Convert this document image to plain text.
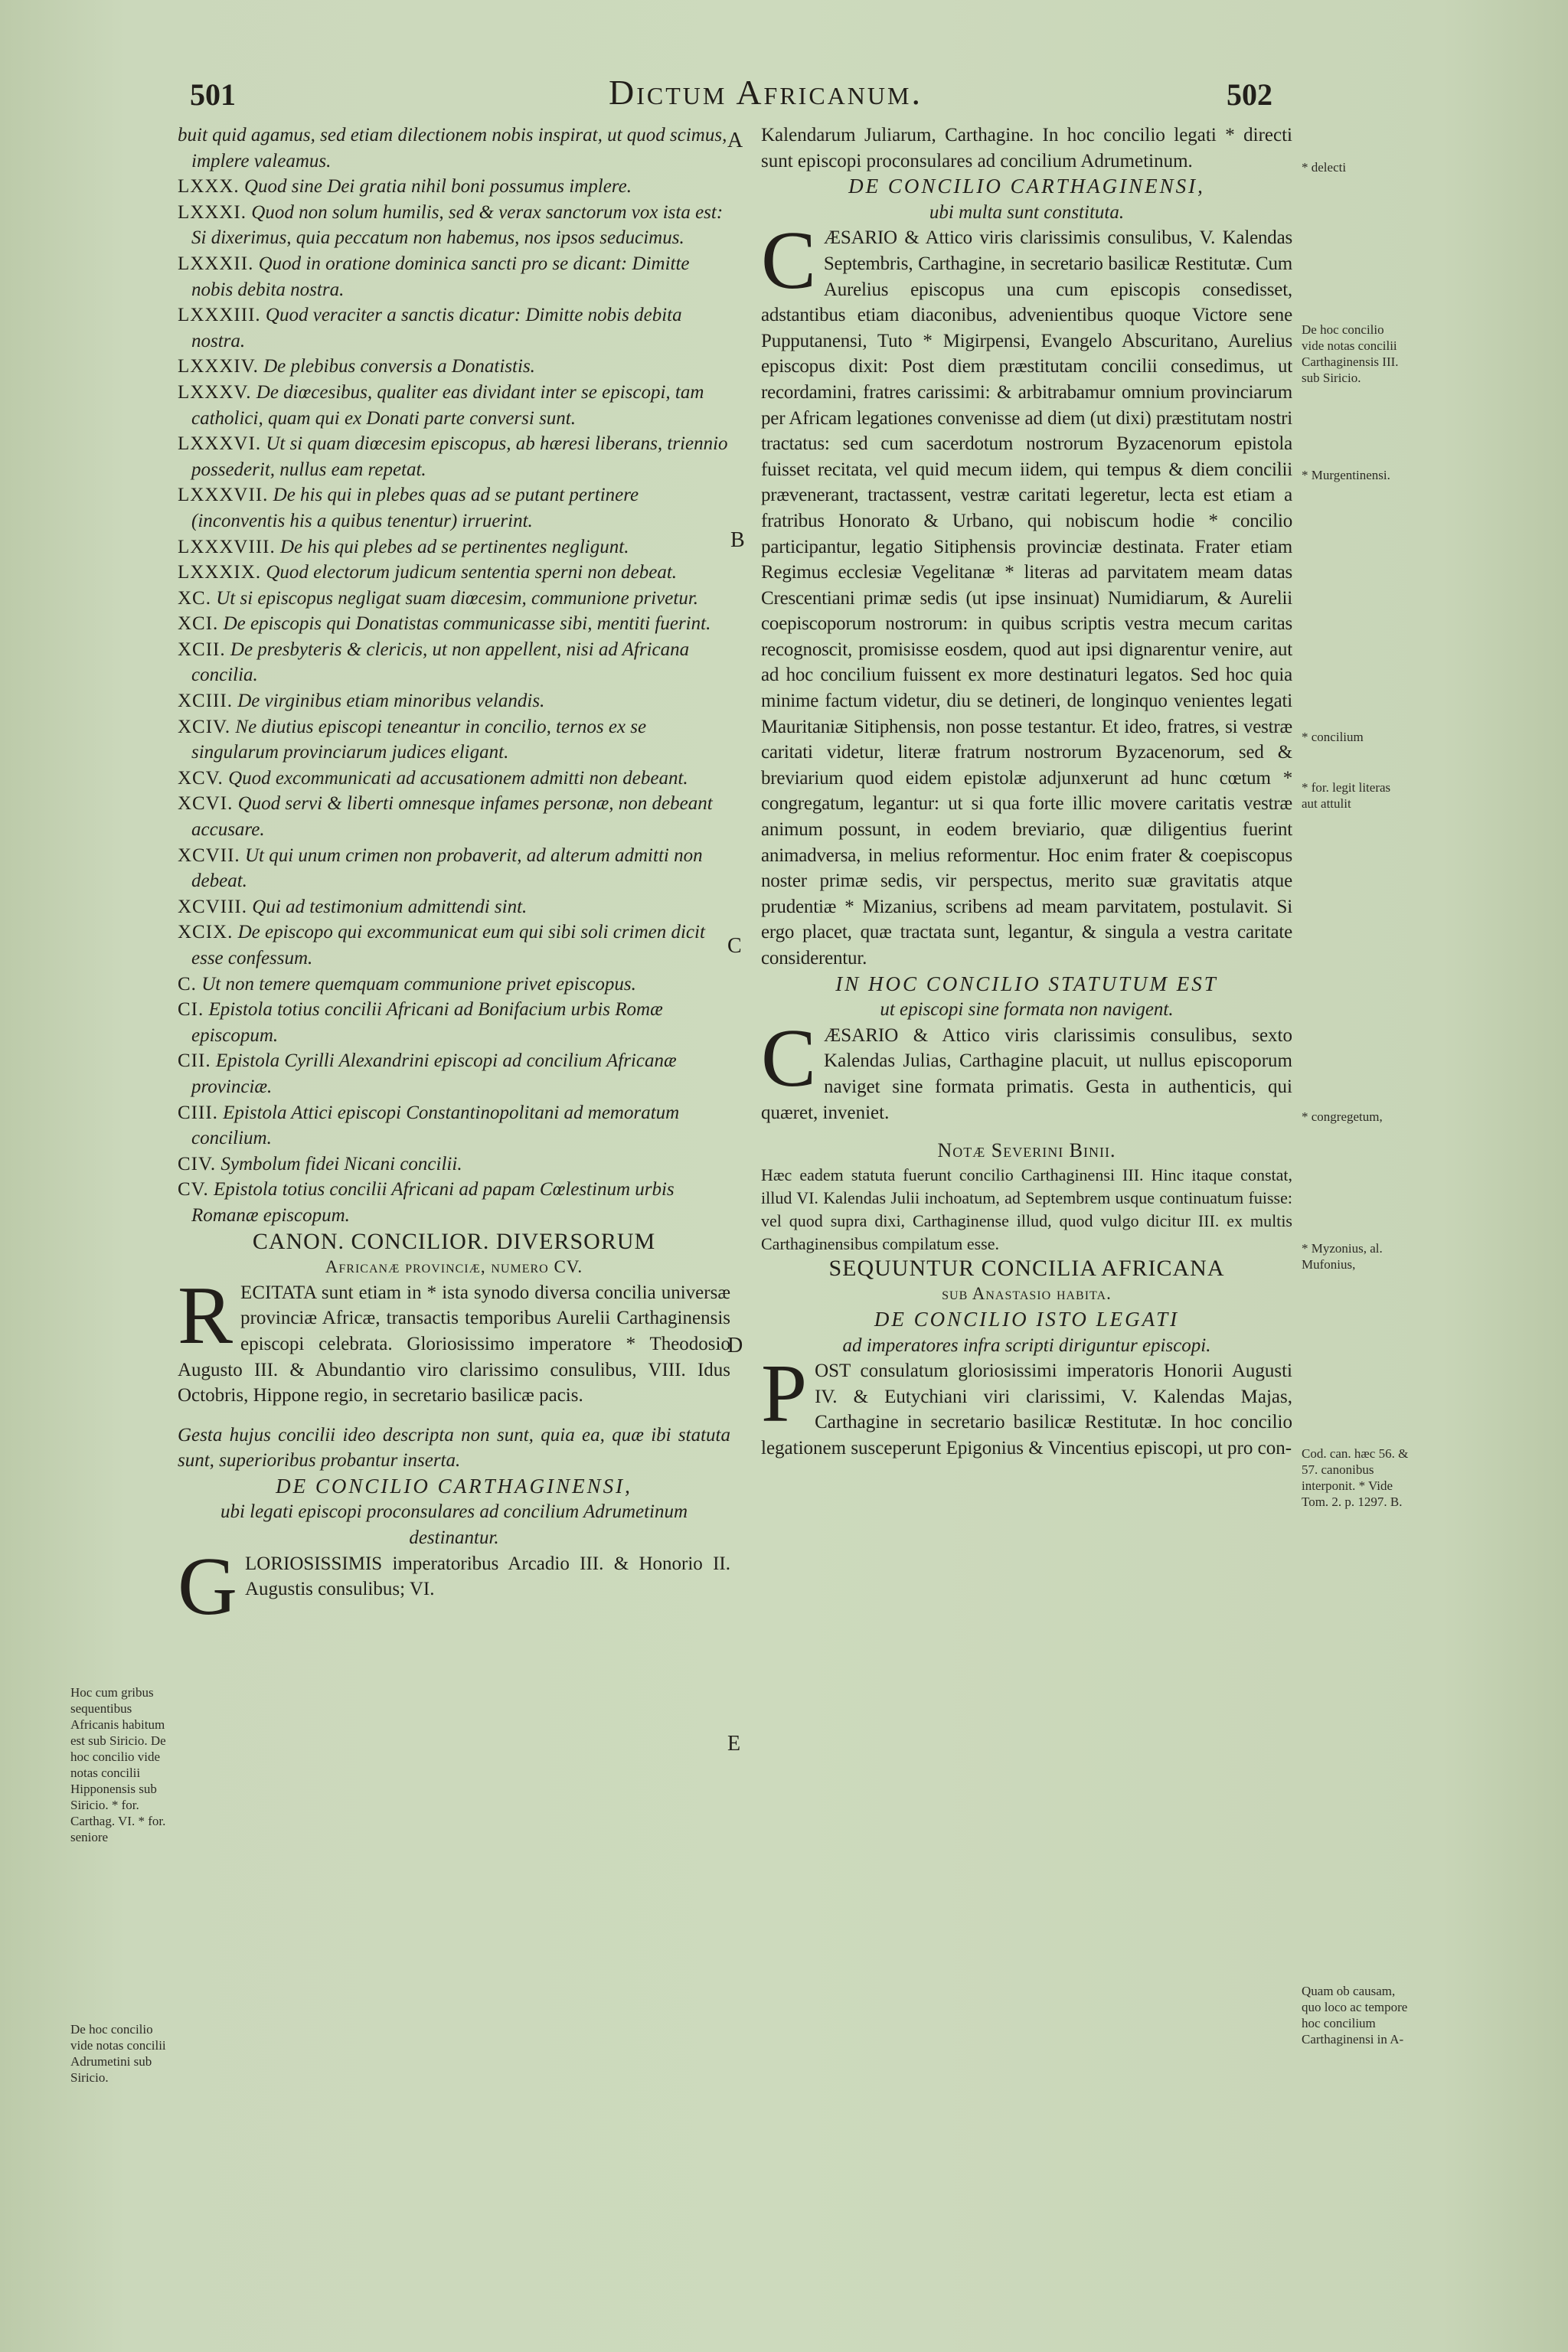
501	Dictum Africanum.	502

buit quid agamus, sed etiam dilectionem nobis inspirat, ut quod scimus, implere valeamus.

LXXX. Quod sine Dei gratia nihil boni possumus implere.

LXXXI. Quod non solum humilis, sed & verax sanctorum vox ista est: Si dixerimus, quia peccatum non habemus, nos ipsos seducimus.

LXXXII. Quod in oratione dominica sancti pro se dicant: Dimitte nobis debita nostra.

LXXXIII. Quod veraciter a sanctis dicatur: Dimitte nobis debita nostra.

LXXXIV. De plebibus conversis a Donatistis.

LXXXV. De diœcesibus, qualiter eas dividant inter se episcopi, tam catholici, quam qui ex Donati parte conversi sunt.

LXXXVI. Ut si quam diœcesim episcopus, ab hæresi liberans, triennio possederit, nullus eam repetat.

LXXXVII. De his qui in plebes quas ad se putant pertinere (inconventis his a quibus tenentur) irruerint.

LXXXVIII. De his qui plebes ad se pertinentes negligunt.

LXXXIX. Quod electorum judicum sententia sperni non debeat.

XC. Ut si episcopus negligat suam diœcesim, communione privetur.

XCI. De episcopis qui Donatistas communicasse sibi, mentiti fuerint.

XCII. De presbyteris & clericis, ut non appellent, nisi ad Africana concilia.

XCIII. De virginibus etiam minoribus velandis.

XCIV. Ne diutius episcopi teneantur in concilio, ternos ex se singularum provinciarum judices eligant.

XCV. Quod excommunicati ad accusationem admitti non debeant.

XCVI. Quod servi & liberti omnesque infames personæ, non debeant accusare.

XCVII. Ut qui unum crimen non probaverit, ad alterum admitti non debeat.

XCVIII. Qui ad testimonium admittendi sint.

XCIX. De episcopo qui excommunicat eum qui sibi soli crimen dicit esse confessum.

C. Ut non temere quemquam communione privet episcopus.

CI. Epistola totius concilii Africani ad Bonifacium urbis Romæ episcopum.

CII. Epistola Cyrilli Alexandrini episcopi ad concilium Africanæ provinciæ.

CIII. Epistola Attici episcopi Constantinopolitani ad memoratum concilium.

CIV. Symbolum fidei Nicani concilii.

CV. Epistola totius concilii Africani ad papam Cœlestinum urbis Romanæ episcopum.

CANON. CONCILIOR. DIVERSORUM
Africanæ provinciæ, numero CV.

R ECITATA sunt etiam in * ista synodo diversa concilia universæ provinciæ Africæ, transactis temporibus Aurelii Carthaginensis episcopi celebrata. Gloriosissimo imperatore * Theodosio Augusto III. & Abundantio viro clarissimo consulibus, VIII. Idus Octobris, Hippone regio, in secretario basilicæ pacis.

Gesta hujus concilii ideo descripta non sunt, quia ea, quæ ibi statuta sunt, superioribus probantur inserta.

DE CONCILIO CARTHAGINENSI,
ubi legati episcopi proconsulares ad concilium Adrumetinum destinantur.

G LORIOSISSIMIS imperatoribus Arcadio III. & Honorio II. Augustis consulibus; VI.

Kalendarum Juliarum, Carthagine. In hoc concilio legati * directi sunt episcopi proconsulares ad concilium Adrumetinum.

DE CONCILIO CARTHAGINENSI,
ubi multa sunt constituta.

C ÆSARIO & Attico viris clarissimis consulibus, V. Kalendas Septembris, Carthagine, in secretario basilicæ Restitutæ. Cum Aurelius episcopus una cum episcopis consedisset, adstantibus etiam diaconibus, advenientibus quoque Victore sene Pupputanensi, Tuto * Migirpensi, Evangelo Abscuritano, Aurelius episcopus dixit: Post diem præstitutam concilii consedimus, ut recordamini, fratres carissimi: & arbitrabamur omnium provinciarum per Africam legationes convenisse ad diem (ut dixi) præstitutam nostri tractatus: sed cum sacerdotum nostrorum Byzacenorum epistola fuisset recitata, vel quid mecum iidem, qui tempus & diem concilii prævenerant, tractassent, vestræ caritati legeretur, lecta est etiam a fratribus Honorato & Urbano, qui nobiscum hodie * concilio participantur, legatio Sitiphensis provinciæ destinata. Frater etiam Regimus ecclesiæ Vegelitanæ * literas ad parvitatem meam datas Crescentiani primæ sedis (ut ipse insinuat) Numidiarum, & Aurelii coepiscoporum nostrorum: in quibus scriptis vestra mecum caritas recognoscit, promisisse eosdem, quod aut ipsi dignarentur venire, aut ad hoc concilium fuissent ex more destinaturi legatos. Sed hoc quia minime factum videtur, diu se detineri, de longinquo venientes legati Mauritaniæ Sitiphensis, non posse testantur. Et ideo, fratres, si vestræ caritati videtur, literæ fratrum nostrorum Byzacenorum, sed & breviarium quod eidem epistolæ adjunxerunt ad hunc cœtum * congregatum, legantur: ut si qua forte illic movere caritatis vestræ animum possunt, in eodem breviario, quæ diligentius fuerint animadversa, in melius reformentur. Hoc enim frater & coepiscopus noster primæ sedis, vir perspectus, merito suæ gravitatis atque prudentiæ * Mizanius, scribens ad meam parvitatem, postulavit. Si ergo placet, quæ tractata sunt, legantur, & singula a vestra caritate considerentur.

IN HOC CONCILIO STATUTUM EST
ut episcopi sine formata non navigent.

C ÆSARIO & Attico viris clarissimis consulibus, sexto Kalendas Julias, Carthagine placuit, ut nullus episcoporum naviget sine formata primatis. Gesta in authenticis, qui quæret, inveniet.

Notæ Severini Binii.

Hæc eadem statuta fuerunt concilio Carthaginensi III. Hinc itaque constat, illud VI. Kalendas Julii inchoatum, ad Septembrem usque continuatum fuisse: vel quod supra dixi, Carthaginense illud, quod vulgo dicitur III. ex multis Carthaginensibus compilatum esse.

SEQUUNTUR CONCILIA AFRICANA
sub Anastasio habita.
DE CONCILIO ISTO LEGATI
ad imperatores infra scripti diriguntur episcopi.

P OST consulatum gloriosissimi imperatoris Honorii Augusti IV. & Eutychiani viri clarissimi, V. Kalendas Majas, Carthagine in secretario basilicæ Restitutæ. In hoc concilio legationem susceperunt Epigonius & Vincentius episcopi, ut pro con-

A
B
C
D
E
Hoc cum gribus sequentibus Africanis habitum est sub Siricio. De hoc concilio vide notas concilii Hipponensis sub Siricio. * for. Carthag. VI. * for. seniore
De hoc concilio vide notas concilii Adrumetini sub Siricio.
* delecti
De hoc concilio vide notas concilii Carthaginensis III. sub Siricio.
* Murgentinensi.
* concilium
* for. legit literas aut attulit
* congregetum,
* Myzonius, al. Mufonius,
Cod. can. hæc 56. & 57. canonibus interponit. * Vide Tom. 2. p. 1297. B.
Quam ob causam, quo loco ac tempore hoc concilium Carthaginensi in A-
